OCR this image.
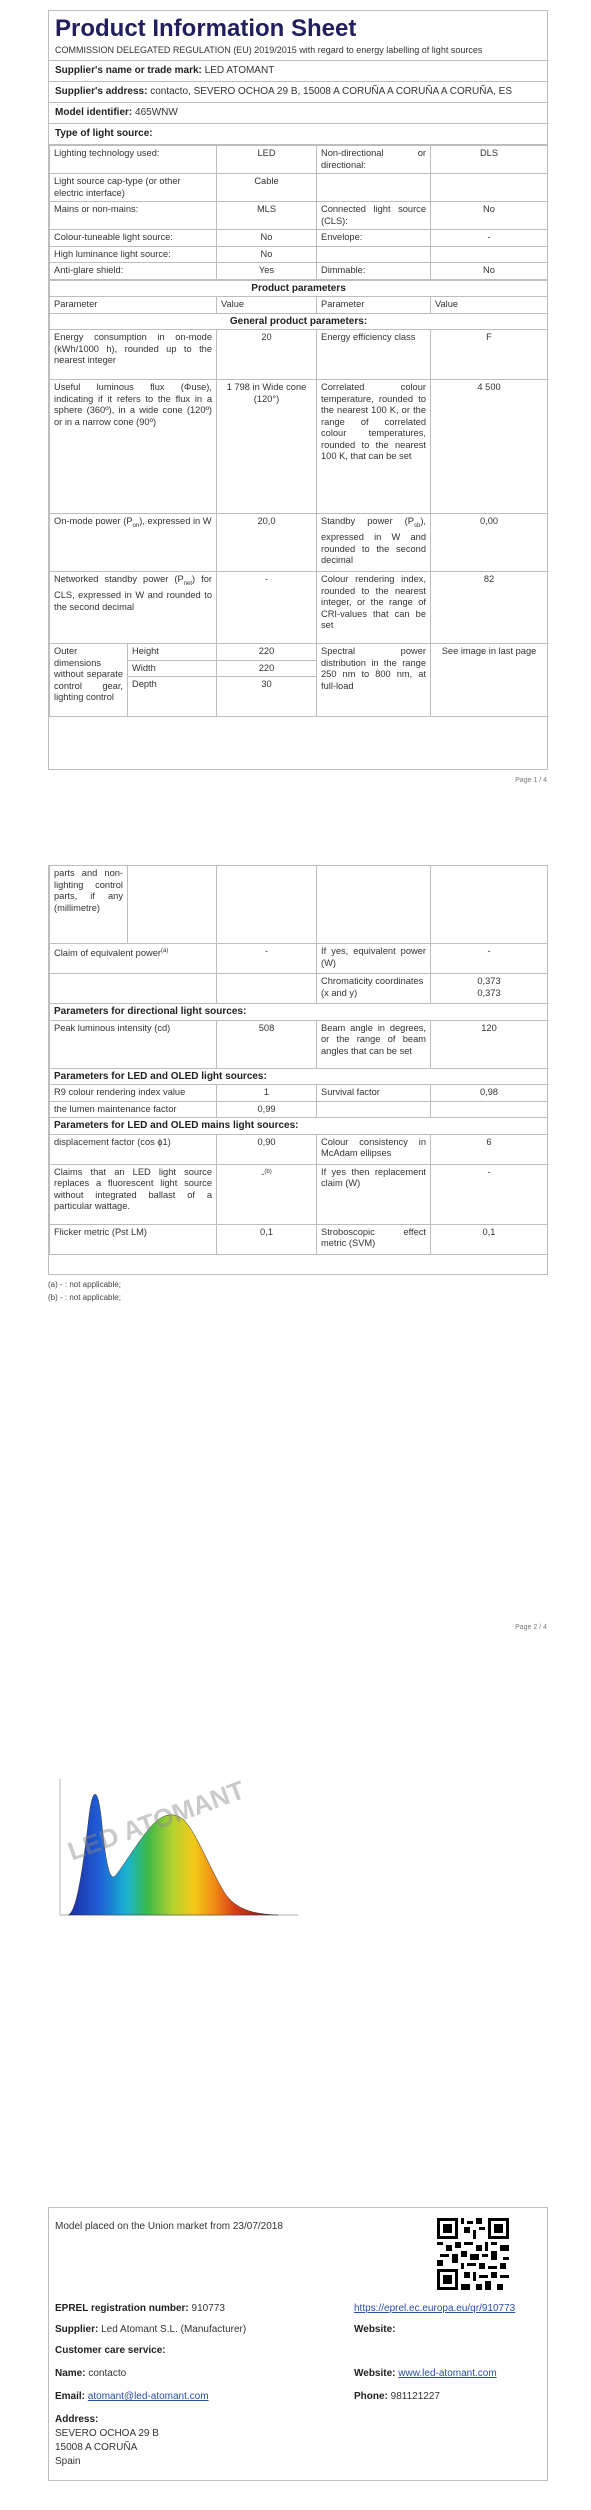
Product Information Sheet
COMMISSION DELEGATED REGULATION (EU) 2019/2015 with regard to energy labelling of light sources
Supplier's name or trade mark: LED ATOMANT
Supplier's address: contacto, SEVERO OCHOA 29 B, 15008 A CORUÑA A CORUÑA A CORUÑA, ES
Model identifier: 465WNW
Type of light source:
Lighting technology used:	LED	Non-directional or directional:	DLS
Light source cap-type (or other electric interface)	Cable		
Mains or non-mains:	MLS	Connected light source (CLS):	No
Colour-tuneable light source:	No	Envelope:	-
High luminance light source:	No		
Anti-glare shield:	Yes	Dimmable:	No
Product parameters				
Parameter		Value	Parameter	Value
General product parameters:				
Energy consumption in on-mode (kWh/1000 h), rounded up to the nearest integer		20	Energy efficiency class	F
Useful luminous flux (Φuse), indicating if it refers to the flux in a sphere (360º), in a wide cone (120º) or in a narrow cone (90º)		1 798 in Wide cone (120°)	Correlated colour temperature, rounded to the nearest 100 K, or the range of correlated colour temperatures, rounded to the nearest 100 K, that can be set	4 500
On-mode power $(P_{on})$, expressed in W		20,0	Standby power $(P_{sb})$, expressed in W and rounded to the second decimal	0,00
Networked standby power $(P_{net})$ for CLS, expressed in W and rounded to the second decimal		-	Colour rendering index, rounded to the nearest integer, or the range of CRI-values that can be set	82
Outer dimensions without separate control gear, lighting control	Height	220	Spectral power distribution in the range 250 nm to 800 nm, at full-load	See image in last page
	Width	220		
	Depth	30		
Page 1 / 4
parts and non-lighting control parts, if any (millimetre)				
Claim of equivalent power$^{(a)}$		-	If yes, equivalent power (W)	-
			Chromaticity coordinates (x and y)	0,373
0,373

Parameters for directional light sources:				
Peak luminous intensity (cd)		508	Beam angle in degrees, or the range of beam angles that can be set	120
Parameters for LED and OLED light sources:				
R9 colour rendering index value		1	Survival factor	0,98
the lumen maintenance factor		0,99		
Parameters for LED and OLED mains light sources:				
displacement factor (cos ϕ1)		0,90	Colour consistency in McAdam ellipses	6
Claims that an LED light source replaces a fluorescent light source without integrated ballast of a particular wattage.		-$^{(b)}$	If yes then replacement claim (W)	-
Flicker metric (Pst LM)		0,1	Stroboscopic effect metric (SVM)	0,1
(a) - : not applicable;
(b) - : not applicable;
Page 2 / 4
LED ATOMANT
Model placed on the Union market from 23/07/2018
EPREL registration number: 910773	https://eprel.ec.europa.eu/qr/910773
Supplier: Led Atomant S.L. (Manufacturer)	Website:
Customer care service:
Name: contacto	Website: www.led-atomant.com
Email: atomant@led-atomant.com	Phone: 981121227
Address:
SEVERO OCHOA 29 B
15008 A CORUÑA
Spain
